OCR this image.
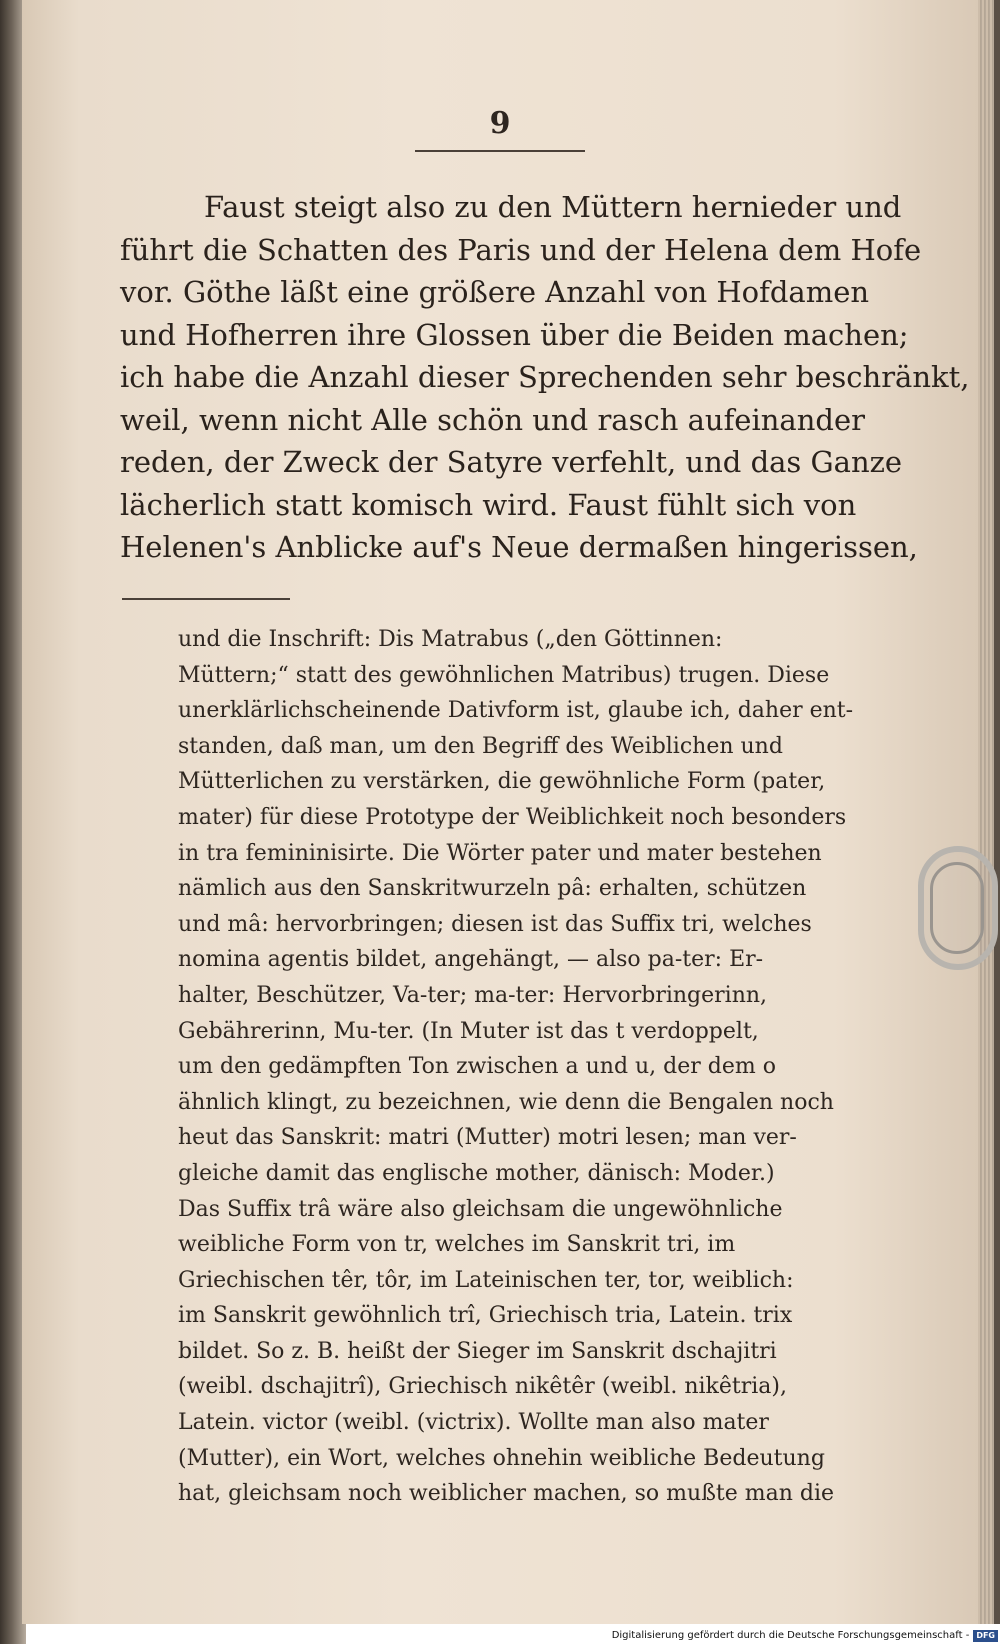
9
Faust steigt also zu den Müttern hernieder und
führt die Schatten des Paris und der Helena dem Hofe
vor. Göthe läßt eine größere Anzahl von Hofdamen
und Hofherren ihre Glossen über die Beiden machen;
ich habe die Anzahl dieser Sprechenden sehr beschränkt,
weil, wenn nicht Alle schön und rasch aufeinander
reden, der Zweck der Satyre verfehlt, und das Ganze
lächerlich statt komisch wird. Faust fühlt sich von
Helenen's Anblicke auf's Neue dermaßen hingerissen,
und die Inschrift: Dis Matrabus („den Göttinnen:
Müttern;“ statt des gewöhnlichen Matribus) trugen. Diese
unerklärlichscheinende Dativform ist, glaube ich, daher ent-
standen, daß man, um den Begriff des Weiblichen und
Mütterlichen zu verstärken, die gewöhnliche Form (pater,
mater) für diese Prototype der Weiblichkeit noch besonders
in tra femininisirte. Die Wörter pater und mater bestehen
nämlich aus den Sanskritwurzeln pâ: erhalten, schützen
und mâ: hervorbringen; diesen ist das Suffix tri, welches
nomina agentis bildet, angehängt, — also pa-ter: Er-
halter, Beschützer, Va-ter; ma-ter: Hervorbringerinn,
Gebährerinn, Mu-ter. (In Muter ist das t verdoppelt,
um den gedämpften Ton zwischen a und u, der dem o
ähnlich klingt, zu bezeichnen, wie denn die Bengalen noch
heut das Sanskrit: matri (Mutter) motri lesen; man ver-
gleiche damit das englische mother, dänisch: Moder.)
Das Suffix trâ wäre also gleichsam die ungewöhnliche
weibliche Form von tr, welches im Sanskrit tri, im
Griechischen têr, tôr, im Lateinischen ter, tor, weiblich:
im Sanskrit gewöhnlich trî, Griechisch tria, Latein. trix
bildet. So z. B. heißt der Sieger im Sanskrit dschajitri
(weibl. dschajitrî), Griechisch nikêtêr (weibl. nikêtria),
Latein. victor (weibl. (victrix). Wollte man also mater
(Mutter), ein Wort, welches ohnehin weibliche Bedeutung
hat, gleichsam noch weiblicher machen, so mußte man die
Digitalisierung gefördert durch die Deutsche Forschungsgemeinschaft - DFG
